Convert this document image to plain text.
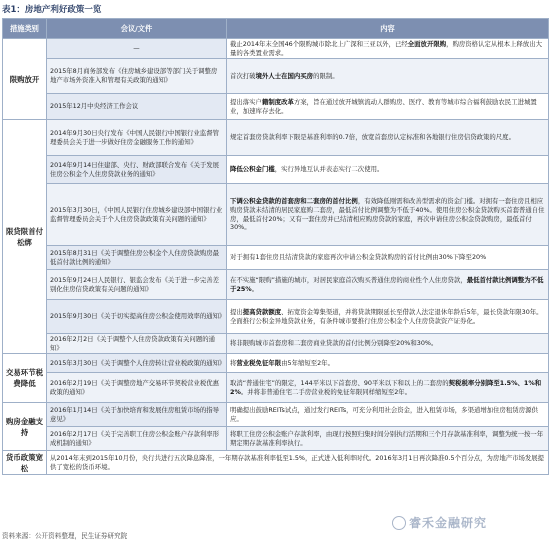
表1：房地产利好政策一览
措施类别	会议/文件	内容
限购放开	—	截止2014年末全国46个限购城市除北上广深和三亚以外，已经全面放开限购，购房资格认定从根本上释放出大量的各类置业需求。
	2015年8月商务部发布《住房城乡建设部等部门关于调整房地产市场外资准入和管理有关政策的通知》	首次打破境外人士在国内买房的限制。
	2015年12月中央经济工作会议	提出落实户籍制度改革方案，旨在通过放开城镇流动人群购房、医疗、教育等城市综合福利鼓励农民工进城置业，加速库存去化。
限贷限首付松绑	2014年9月30日央行发布《中国人民银行中国银行业监督管理委员会关于进一步做好住房金融服务工作的通知》	规定首套房贷款利率下限是基准利率的0.7倍，放宽首套房认定标准和各地银行住房信贷政策的尺度。
	2014年9月14日住建部、央行、财政部联合发布《关于发展住房公积金个人住房贷款业务的通知》	降低公积金门槛，实行异地互认并表态实行二次使用。
	2015年3月30日，《中国人民银行住房城乡建设部中国银行业监督管理委员会关于个人住房贷款政策有关问题的通知》	下调公积金贷款的首套房和二套房的首付比例，有效降低刚需和改善型需求的资金门槛。对拥有一套住房且相应购房贷款未结清的居民家庭购二套房，最低首付比例调整为不低于40%。使用住房公积金贷款购买首套普通自住房，最低首付20%；又有一套住房并已结清相应购房贷款的家庭，再次申请住房公积金贷款购房，最低首付30%。
	2015年8月31日《关于调整住房公积金个人住房贷款购房最低首付款比例的通知》	对于拥有1套住房且结清贷款的家庭再次申请公积金贷款购房的首付比例由30%下降至20%
	2015年9月24日人民银行、银监会发布《关于进一步完善差别化住房信贷政策有关问题的通知》	在不实施“限购”措施的城市，对居民家庭首次购买普通住房的商业性个人住房贷款，最低首付款比例调整为不低于25%。
	2015年9月30日《关于切实提高住房公积金使用效率的通知》	提出提高贷款额度、拓宽资金筹集渠道，并将贷款期限延长至借款人法定退休年龄后5年，最长贷款年限30年。全面推行公积金异地贷款业务，有条件城市要推行住房公积金个人住房贷款资产证券化。
	2016年2月2日《关于调整个人住房贷款政策有关问题的通知》	将非限购城市首套房和二套房商业贷款的首付比例分别降至20%和30%。
交易环节税费降低	2015年3月30日《关于调整个人住房转让营业税政策的通知》	将营业税免征年限由5年缩短至2年。
	2016年2月19日《关于调整房地产交易环节契税营业税优惠政策的通知》	取消“普通住宅”的限定，144平米以下首套房、90平米以下和以上的二套房的契税税率分别降至1.5%、1%和2%。并将非普通住宅二手房营业税的免征年限同样缩短至2年。
购房金融支持	2016年1月14日《关于加快培育和发展住房租赁市场的指导意见》	明确提出鼓励REITs试点，通过发行REITs，可充分利用社会资金，进入租赁市场，多渠道增加住房租赁房源供应。
	2016年2月17日《关于完善职工住房公积金账户存款利率形成机制的通知》	将职工住房公积金账户存款利率，由现行按照归集时间分别执行活期和三个月存款基准利率，调整为统一按一年期定期存款基准利率执行。
货币政策宽松	从2014年末到2015年10月份，央行共进行五次降息降准，一年期存款基准利率低至1.5%，正式进入低利率时代。2016年3月1日再次降准0.5个百分点，为房地产市场发展提供了宽松的货币环境。	
睿禾金融研究
资料来源：公开资料整理，民生证券研究院
